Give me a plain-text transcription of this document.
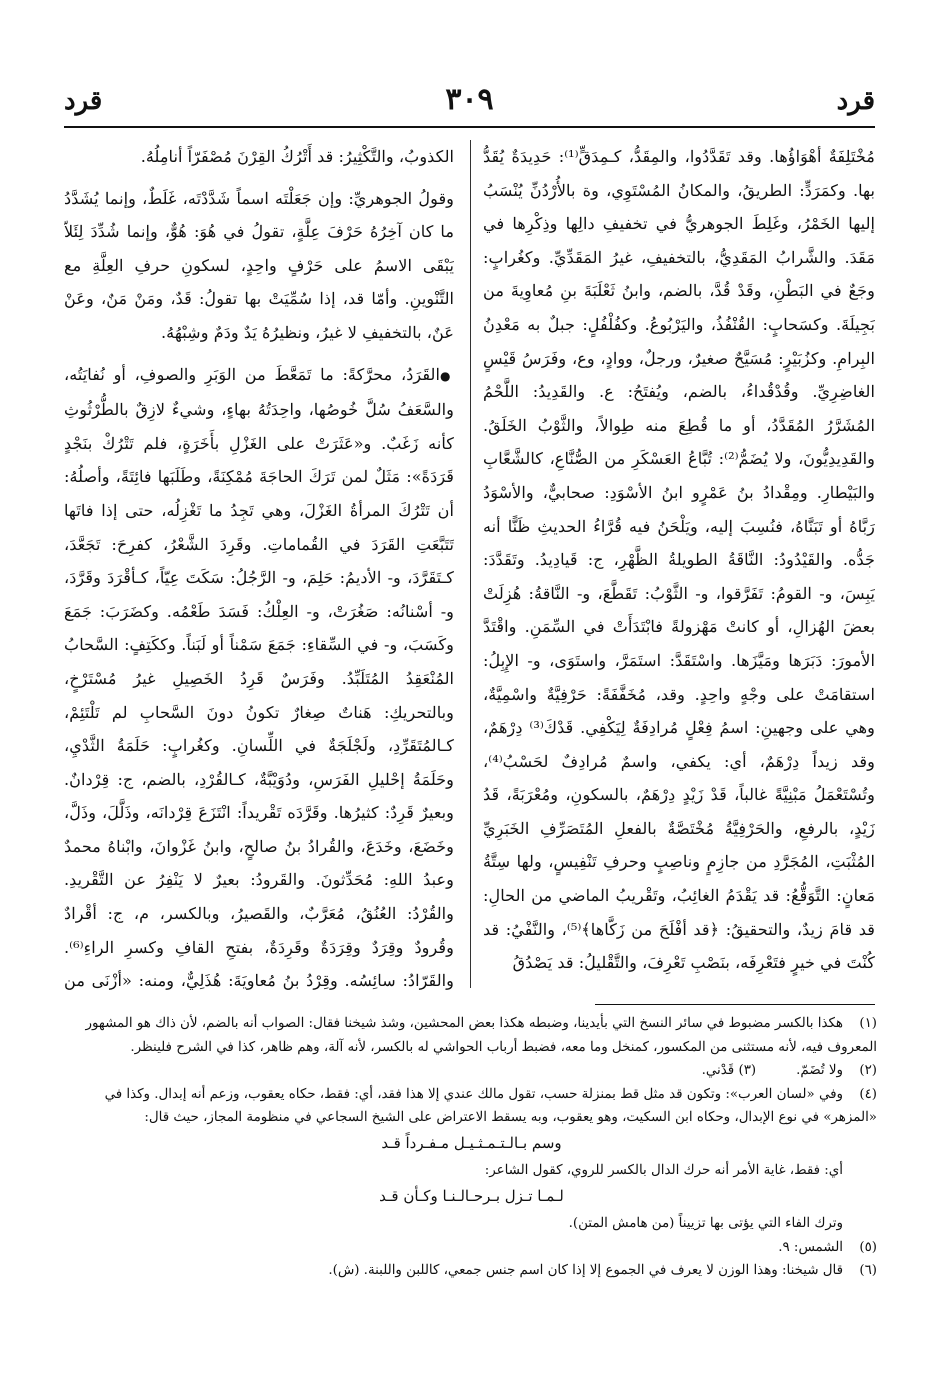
قرد
٣٠٩
قرد

مُخْتَلِفَةٌ أهْوَاؤُها. وقد تَقَدَّدُوا، والمِقَدُّ، كـمِدَقٍّ⁽¹⁾: حَدِيدَةٌ يُقَدُّ بها. وكمَرَدٍّ: الطريقُ، والمكانُ المُسْتَوِي، وة بالأُرْدُنِّ يُنْسَبُ إليها الخَمْرُ، وغَلِطَ الجوهريُّ في تخفيفِ دالِها وذِكْرِها في مَقَدَ. والشَّرابُ المَقَدِيُّ، بالتخفيفِ، غيرُ المَقَدِّيِّ. وكغُرابٍ: وجَعٌ في البَطْنِ، وقَدْ قُدَّ، بالضم، وابنُ ثَعْلَبَةَ بنِ مُعاوِيةَ من بَجِيلَةَ. وكسَحابٍ: القُنْفُذُ، واليَرْبُوعُ. وكفُلْفُلٍ: جبلٌ به مَعْدِنُ البِرامِ. وكزُبَيْرٍ: مُسَيَّحٌ صغيرٌ، ورجلٌ، ووادٍ، وع، وفَرَسُ قَيْسٍ الغاضِرِيِّ. وقُدْقُداءُ، بالضم، ويُفتَحُ: ع. والقَدِيدُ: اللَّحْمُ المُشَرَّرُ المُقَدَّدُ، أو ما قُطِعَ منه طِوالاً، والثَّوْبُ الخَلَقُ. والقَدِيدِيُّونَ، ولا يُضَمُّ⁽²⁾: تُبَّاعُ العَسْكَرِ من الصُّنَّاعِ، كالشَّعَّابِ والبَيْطارِ. ومِقْدادُ بنُ عَمْرٍو ابنُ الأسْوَدِ: صحابيٌّ، والأسْوَدُ رَبَّاهُ أو تَبَنَّاهُ، فنُسِبَ إليه، ويَلْحَنُ فيه قُرَّاءُ الحديثِ ظَنًّا أنه جَدُّه. والقَيْدُودُ: النَّاقَةُ الطويلةُ الظَّهْرِ، ج: قَيادِيدُ. وتَقَدَّدَ: يَبِسَ، و- القومُ: تَفَرَّقوا، و- الثَّوْبُ: تَقَطَّعَ، و- النَّاقةُ: هُزِلَتْ بعضَ الهُزالِ، أو كانتْ مَهْزولةً فابْتَدَأَتْ في السِّمَنِ. واقْتَدَّ الأمورَ: دَبَرَها ومَيَّزَها. واسْتَقَدَّ: استَمَرَّ، واستَوَى، و- الإِبِلُ: استقامَتْ على وجْهٍ واحِدٍ. وقد، مُخَفَّفَةً: حَرْفِيَّةٌ واسْمِيَّةٌ، وهي على وجهينِ: اسمُ فِعْلٍ مُرادِفَةٌ لِيَكْفِي. قَدْكَ⁽³⁾ دِرْهَمٌ، وقد زيداً دِرْهَمٌ، أي: يكفي، واسمٌ مُرادِفٌ لحَسْبُ⁽⁴⁾، وتُسْتَعْمَلُ مَبْنِيَّةً غالباً، قَدْ زَيْدٍ دِرْهَمٌ، بالسكونِ، ومُعْرَبَةً، قَدُ زَيْدٍ، بالرفعِ، والحَرْفِيَّةُ مُخْتَصَّةٌ بالفعلِ المُتَصَرِّفِ الخَبَرِيِّ المُثْبَتِ، المُجَرَّدِ من جازِمٍ وناصِبٍ وحرفِ تَنْفِيسٍ، ولها سِتَّةُ مَعانٍ: التَّوَقُّعُ: قد يَقْدَمُ الغائِبُ، وتَقْريبُ الماضي من الحالِ: قد قامَ زيدٌ، والتحقيقُ: ﴿قد أفْلَحَ من زَكَّاها﴾⁽⁵⁾، والنَّفْيُ: قد كُنْتَ في خيرٍ فتَعْرِفَه، بنَصْبِ تَعْرِفَ، والتَّقْليلُ: قد يَصْدُقُ

الكذوبُ، والتَّكْثِيرُ: قد أَتْرُكُ القِرْنَ مُصْفَرّاً أنامِلُهُ.

وقولُ الجوهريِّ: وإن جَعَلْتَه اسماً شَدَّدْتَه، غَلَطٌ، وإنما يُشَدَّدُ ما كان آخِرُهُ حَرْفَ عِلَّةٍ، تقولُ في هُوَ: هُوٌّ، وإنما شُدِّدَ لِئَلاّ يَبْقَى الاسمُ على حَرْفٍ واحِدٍ، لسكونِ حرفِ العِلَّةِ مع التَّنْوينِ. وأمّا قد، إذا سُمِّيَتْ بها تقولُ: قَدٌ، ومَنْ مَنٌ، وعَنْ عَنٌ، بالتخفيفِ لا غيرُ، ونظيرُهُ يَدٌ ودَمٌ وشِبْهُهُ.

●القَرَدُ، محرَّكةً: ما تَمَعَّطَ من الوَبَرِ والصوفِ، أو نُفايَتُه، والسَّعَفُ سُلَّ خُوصُها، واحِدَتُهُ بهاءٍ، وشيءٌ لازِقٌ بالطُّرْثُوثِ كأنه زَغَبٌ. و«عَثَرَتْ على الغَزْلِ بأَخَرَةٍ، فلم تَتْرُكْ بنَجْدٍ قَرَدَةً»: مَثَلٌ لمن تَرَكَ الحاجَةَ مُمْكِنَةً، وطَلَبَها فائِتَةً، وأصلُهُ: أن تَتْرُكَ المرأةُ الغَزْلَ، وهي تَجِدُ ما تَغْزِلُه، حتى إذا فاتَها تَتَبَّعَتِ القَرَدَ في القُماماتِ. وقَرِدَ الشَّعْرُ، كفرِحَ: تَجَعَّدَ، كـتَقَرَّدَ، و- الأديمُ: حَلِمَ، و- الرَّجُلُ: سَكَتَ عِيّاً، كـأقْرَدَ وقَرَّدَ، و- أسْنانُه: صَغُرَتْ، و- العِلْكُ: فَسَدَ طَعْمُه. وكضَرَبَ: جَمَعَ وكَسَبَ، و- في السِّقاءِ: جَمَعَ سَمْناً أو لَبَناً. وككَتِفٍ: السَّحابُ المُنْعَقِدُ المُتَلَبِّدُ. وفَرَسٌ قَرِدُ الخَصِيلِ غيرُ مُسْتَرْخٍ، وبالتحريكِ: هَناتٌ صِغارٌ تكونُ دونَ السَّحابِ لم تَلْتَئِمْ، كـالمُتَقَرِّدِ، ولَجْلَجَةٌ في اللِّسانِ. وكغُرابٍ: حَلَمَةُ الثَّدْيِ، وحَلَمَةُ إحْليلِ الفَرَسِ، ودُوَيْبَّةٌ، كـالقُرْدِ، بالضم، ج: قِرْدانٌ. وبعيرٌ قَرِدٌ: كثيرُها. وقَرَّدَه تَقْريداً: انْتَزَعَ قِرْدانَه، وذَلَّلَ، وذَلَّ، وخَضَعَ، وخَدَعَ، والقُرادُ بنُ صالحٍ، وابنُ غَزْوانَ، وابْناهُ محمدٌ وعبدُ اللهِ: مُحَدِّثونَ. والقَرودُ: بعيرٌ لا يَنْفِرُ عن التَّقْريدِ. والقُرْدُ: العُنُقُ، مُعَرَّبٌ، والقَصيرُ، وبالكسر، م، ج: أقْرادٌ وقُرودٌ وقِرَدٌ وقِرَدَةٌ وقَرِدَةٌ، بفتحِ القافِ وكسرِ الراءِ⁽⁶⁾. والقَرّادُ: سائِسُه. وقِرْدُ بنُ مُعاوِيَةَ: هُذَلِيٌّ، ومنه: «أزْنَى من

(١)هكذا بالكسر مضبوط في سائر النسخ التي بأيدينا، وضبطه هكذا بعض المحشين، وشذ شيخنا فقال: الصواب أنه بالضم، لأن ذاك هو المشهور المعروف فيه، لأنه مستثنى من المكسور، كمنخل وما معه، فضبط أرباب الحواشي له بالكسر، لأنه آلة، وهم ظاهر، كذا في الشرح فلينظر.

(٢)ولا تُضَمّ.(٣) قَدْني.

(٤)وفي «لسان العرب»: وتكون قد مثل قط بمنزلة حسب، تقول مالك عندي إلا هذا فقد، أي: فقط، حكاه يعقوب، وزعم أنه إبدال. وكذا في «المزهر» في نوع الإبدال، وحكاه ابن السكيت، وهو يعقوب، وبه يسقط الاعتراض على الشيخ السجاعي في منظومة المجاز، حيث قال:

وسم بـالـتـمـثـيـل مـفـرداً قـد

أي: فقط، غاية الأمر أنه حرك الدال بالكسر للروي، كقول الشاعر:

لـمـا تـزل بـرحـالـنـا وكـأن قـد

وترك الفاء التي يؤتى بها تزييناً (من هامش المتن).

(٥)الشمس: ٩.

(٦)قال شيخنا: وهذا الوزن لا يعرف في الجموع إلا إذا كان اسم جنس جمعي، كاللبن واللبنة. (ش).
